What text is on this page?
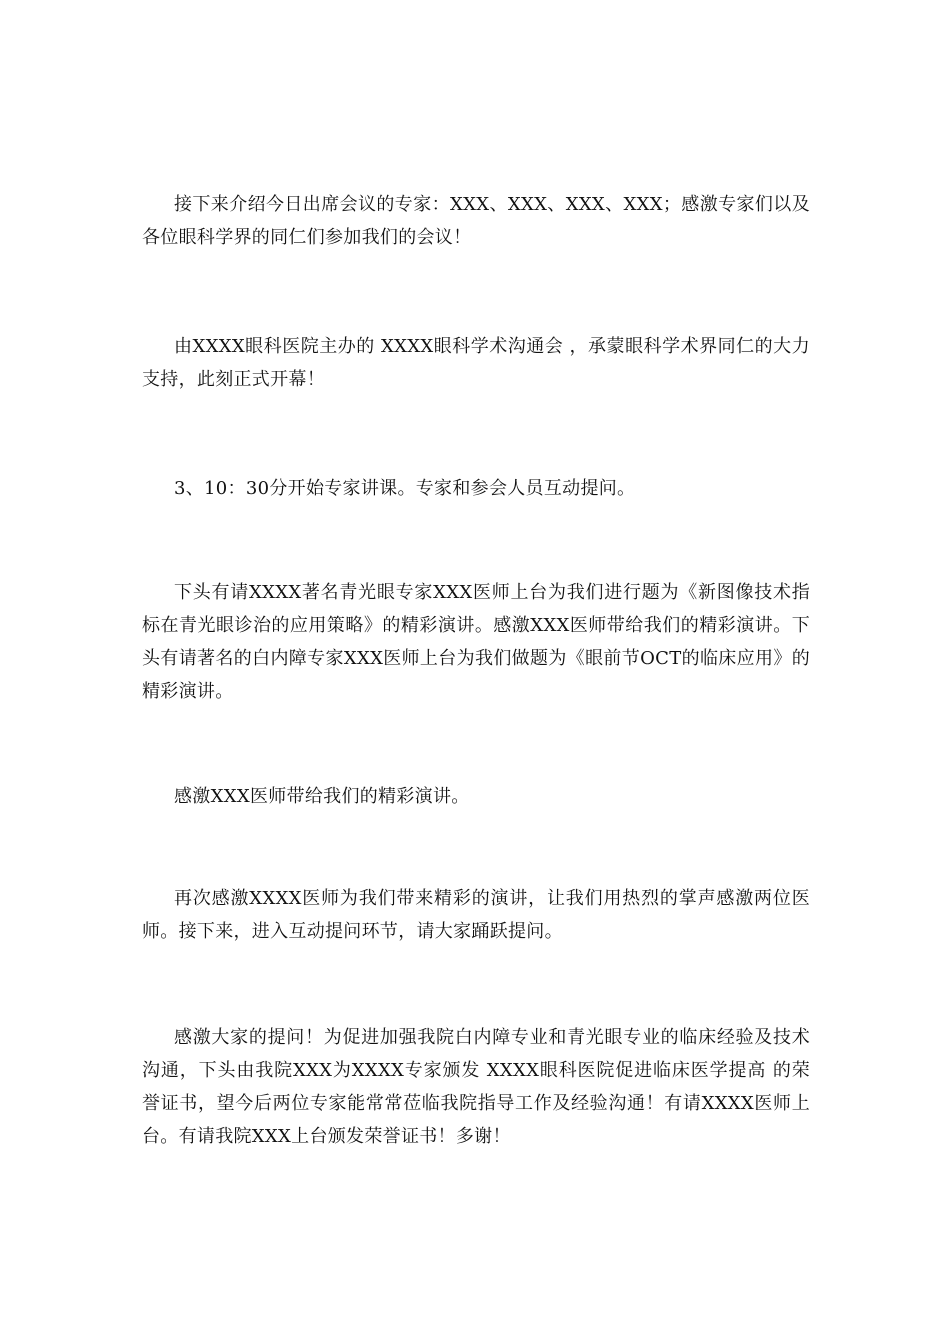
接下来介绍今日出席会议的专家：XXX、XXX、XXX、XXX；感激专家们以及各位眼科学界的同仁们参加我们的会议！

由XXXX眼科医院主办的 XXXX眼科学术沟通会 ，承蒙眼科学术界同仁的大力支持，此刻正式开幕！

3、10：30分开始专家讲课。专家和参会人员互动提问。

下头有请XXXX著名青光眼专家XXX医师上台为我们进行题为《新图像技术指标在青光眼诊治的应用策略》的精彩演讲。感激XXX医师带给我们的精彩演讲。下头有请著名的白内障专家XXX医师上台为我们做题为《眼前节OCT的临床应用》的精彩演讲。

感激XXX医师带给我们的精彩演讲。

再次感激XXXX医师为我们带来精彩的演讲，让我们用热烈的掌声感激两位医师。接下来，进入互动提问环节，请大家踊跃提问。

感激大家的提问！为促进加强我院白内障专业和青光眼专业的临床经验及技术沟通，下头由我院XXX为XXXX专家颁发 XXXX眼科医院促进临床医学提高 的荣誉证书，望今后两位专家能常常莅临我院指导工作及经验沟通！有请XXXX医师上台。有请我院XXX上台颁发荣誉证书！多谢！
